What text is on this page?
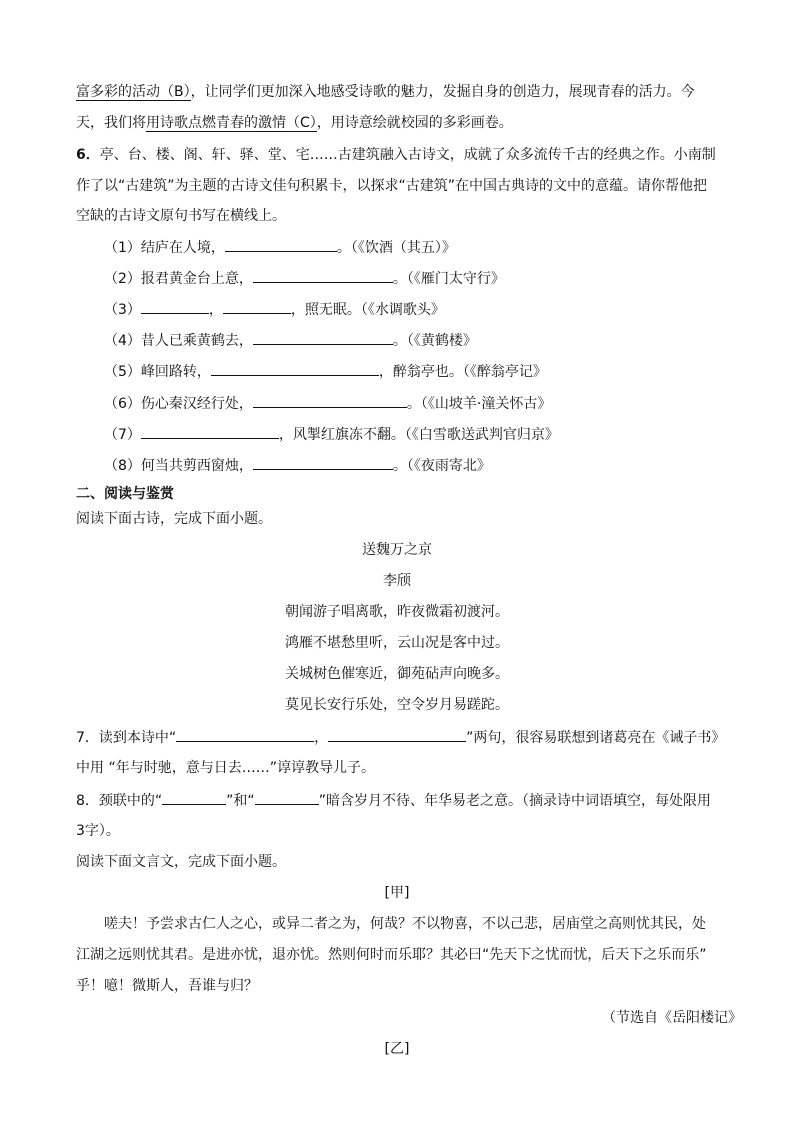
富多彩的活动（B），让同学们更加深入地感受诗歌的魅力，发掘自身的创造力，展现青春的活力。今
天，我们将用诗歌点燃青春的激情（C），用诗意绘就校园的多彩画卷。
6．亭、台、楼、阁、轩、驿、堂、宅……古建筑融入古诗文，成就了众多流传千古的经典之作。小南制
作了以“古建筑”为主题的古诗文佳句积累卡，以探求“古建筑”在中国古典诗的文中的意蕴。请你帮他把
空缺的古诗文原句书写在横线上。
（1）结庐在人境，	。（《饮酒（其五）》
（2）报君黄金台上意，	。（《雁门太守行》
（3）	，	，照无眠。（《水调歌头》
（4）昔人已乘黄鹤去，	。（《黄鹤楼》
（5）峰回路转，	，醉翁亭也。（《醉翁亭记》
（6）伤心秦汉经行处，	。（《山坡羊·潼关怀古》
（7）	，风掣红旗冻不翻。（《白雪歌送武判官归京》
（8）何当共剪西窗烛，	。（《夜雨寄北》
二、阅读与鉴赏
阅读下面古诗，完成下面小题。
送魏万之京
李颀
朝闻游子唱离歌，昨夜微霜初渡河。
鸿雁不堪愁里听，云山况是客中过。
关城树色催寒近，御苑砧声向晚多。
莫见长安行乐处，空令岁月易蹉跎。
7．读到本诗中“	，	”两句，很容易联想到诸葛亮在《诫子书》
中用 “年与时驰，意与日去……”谆谆教导儿子。
8．颈联中的“	”和“	”暗含岁月不待、年华易老之意。（摘录诗中词语填空，每处限用
3字）。
阅读下面文言文，完成下面小题。
[甲]
嗟夫！予尝求古仁人之心，或异二者之为，何哉？不以物喜，不以己悲，居庙堂之高则忧其民，处
江湖之远则忧其君。是进亦忧，退亦忧。然则何时而乐耶？其必曰“先天下之忧而忧，后天下之乐而乐”
乎！噫！微斯人，吾谁与归？
（节选自《岳阳楼记》
[乙]
